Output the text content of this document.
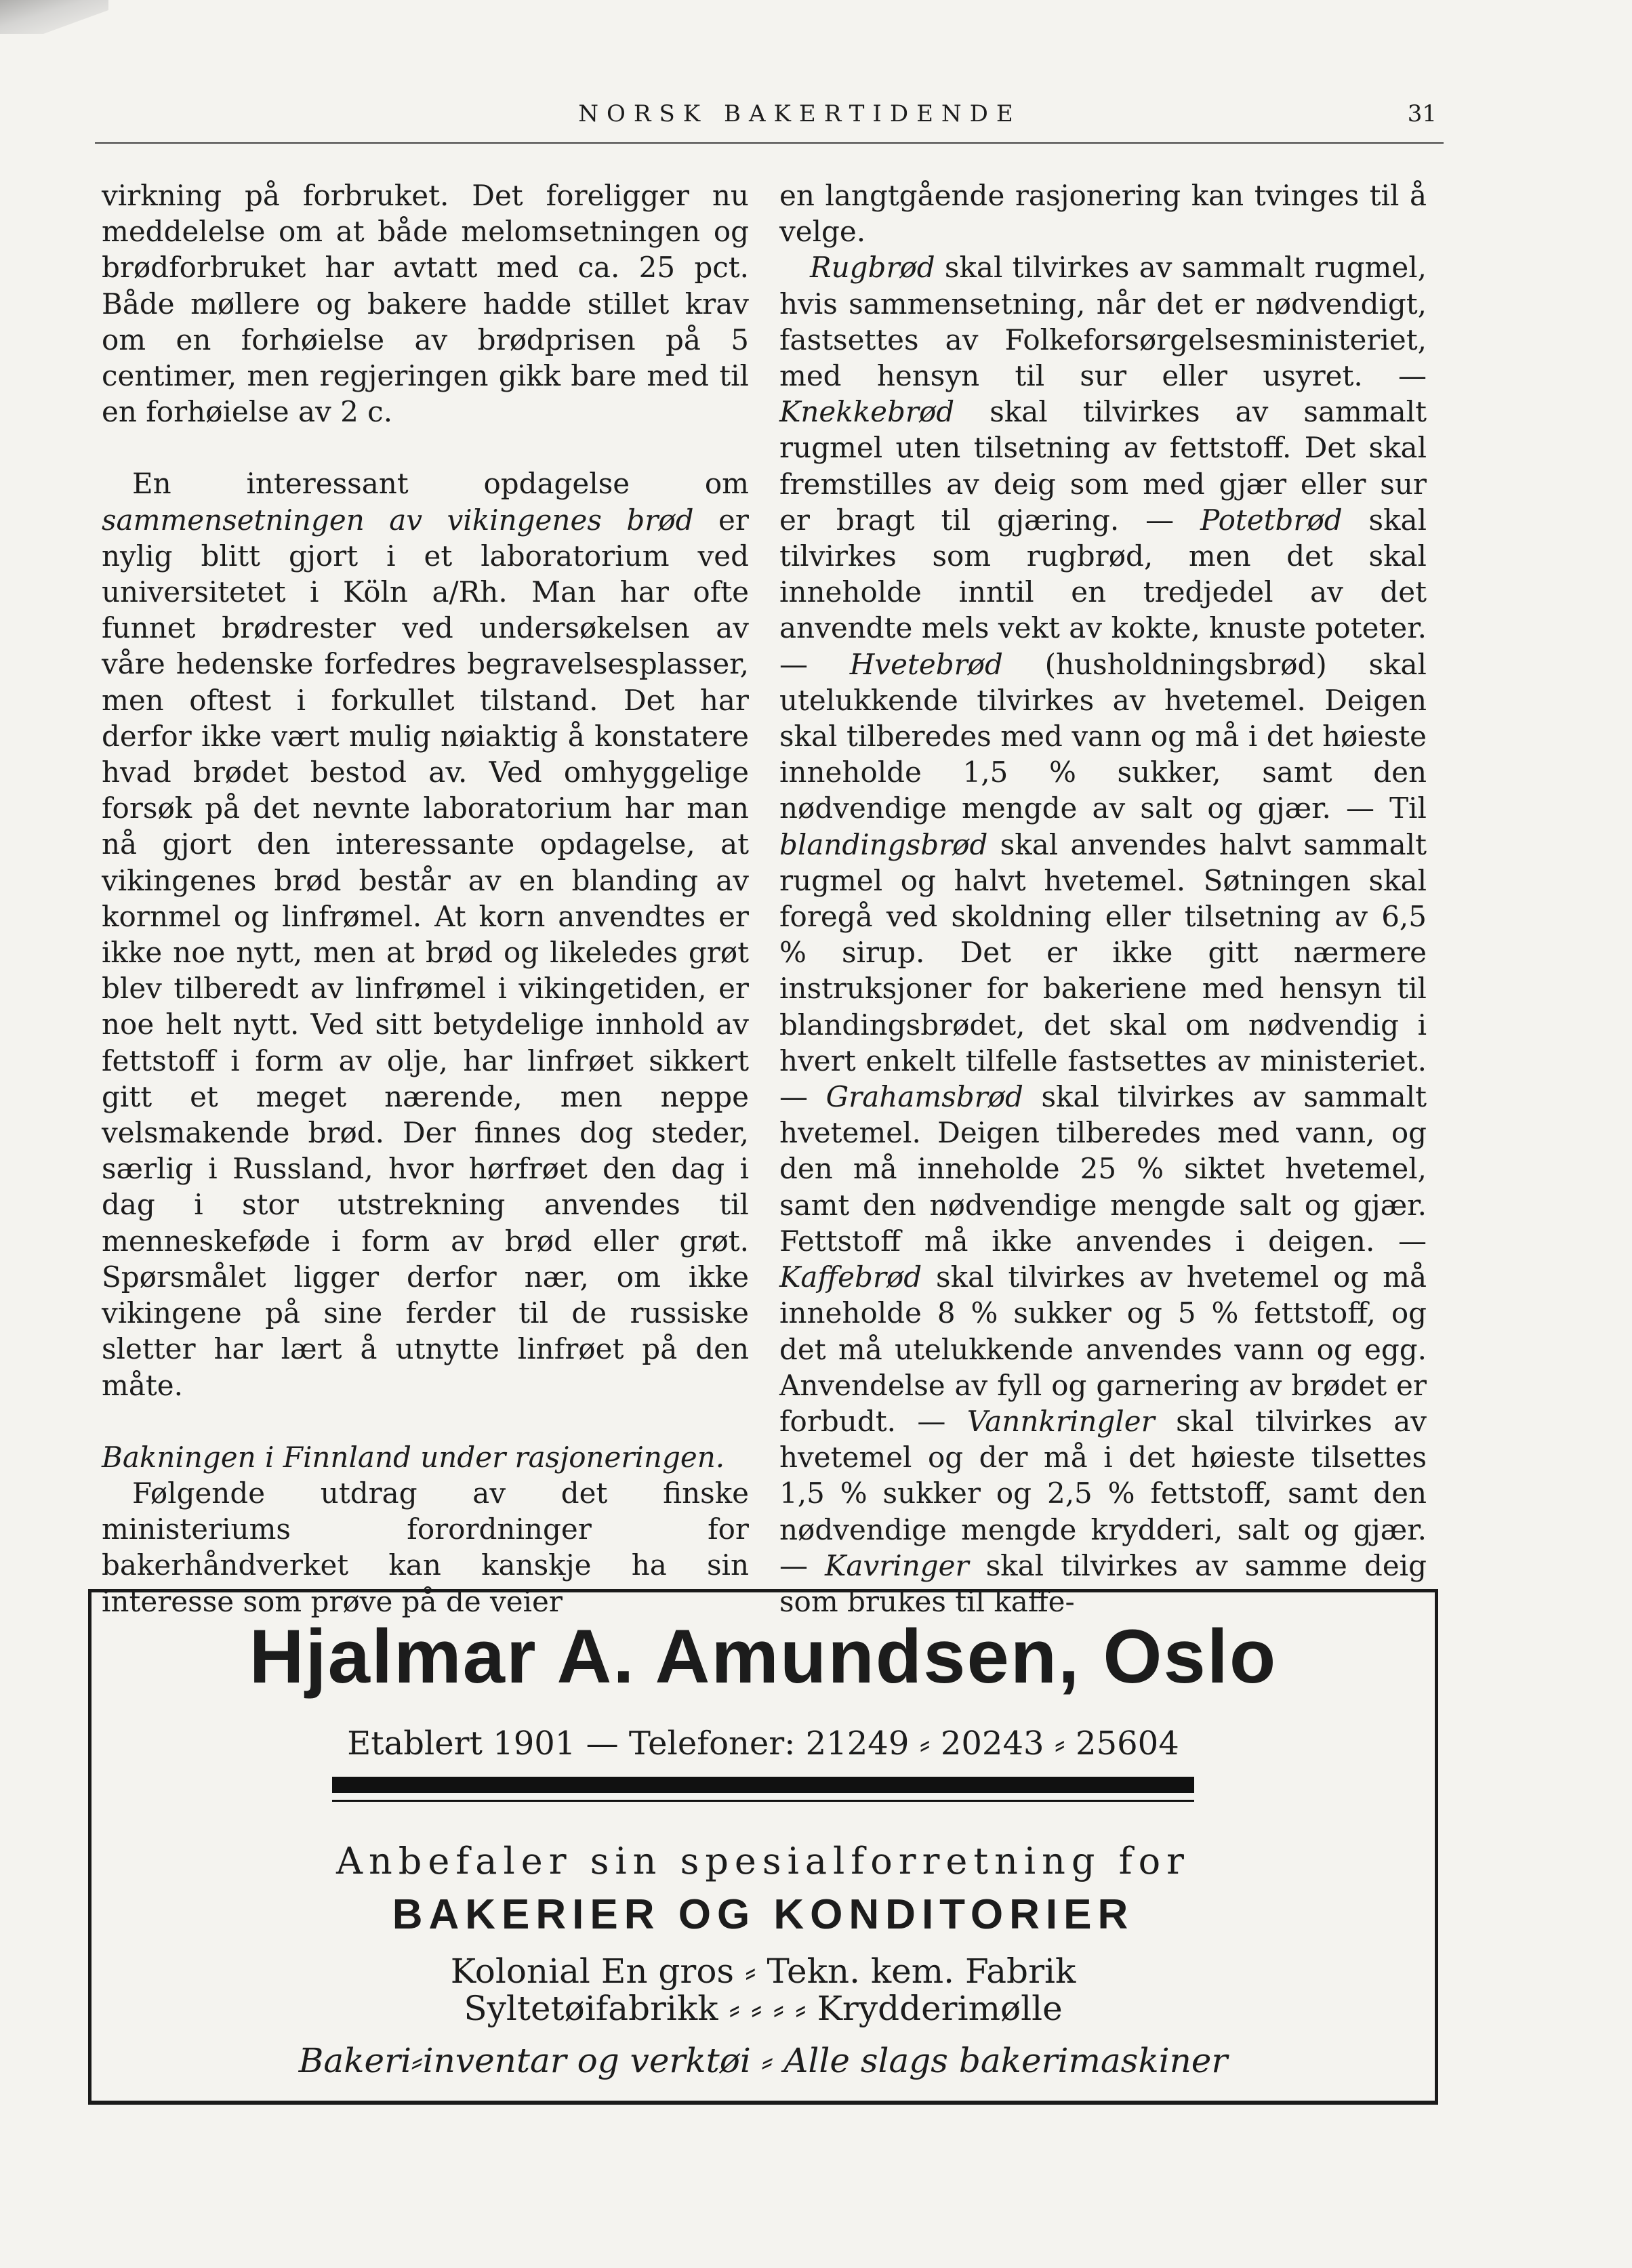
NORSK BAKERTIDENDE	31

virkning på forbruket. Det foreligger nu meddelelse om at både melomsetningen og brødforbruket har avtatt med ca. 25 pct. Både møllere og bakere hadde stillet krav om en forhøielse av brødprisen på 5 centimer, men regjeringen gikk bare med til en forhøielse av 2 c.

En interessant opdagelse om sammensetningen av vikingenes brød er nylig blitt gjort i et laboratorium ved universitetet i Köln a/Rh. Man har ofte funnet brødrester ved undersøkelsen av våre hedenske forfedres begravelsesplasser, men oftest i forkullet tilstand. Det har derfor ikke vært mulig nøiaktig å konstatere hvad brødet bestod av. Ved omhyggelige forsøk på det nevnte laboratorium har man nå gjort den interessante opdagelse, at vikingenes brød består av en blanding av kornmel og linfrømel. At korn anvendtes er ikke noe nytt, men at brød og likeledes grøt blev tilberedt av linfrømel i vikingetiden, er noe helt nytt. Ved sitt betydelige innhold av fettstoff i form av olje, har linfrøet sikkert gitt et meget nærende, men neppe velsmakende brød. Der finnes dog steder, særlig i Russland, hvor hørfrøet den dag i dag i stor utstrekning anvendes til menneskeføde i form av brød eller grøt. Spørsmålet ligger derfor nær, om ikke vikingene på sine ferder til de russiske sletter har lært å utnytte linfrøet på den måte.

Bakningen i Finnland under rasjoneringen.

Følgende utdrag av det finske ministeriums forordninger for bakerhåndverket kan kanskje ha sin interesse som prøve på de veier

en langtgående rasjonering kan tvinges til å velge.

Rugbrød skal tilvirkes av sammalt rugmel, hvis sammensetning, når det er nødvendigt, fastsettes av Folkeforsørgelsesministeriet, med hensyn til sur eller usyret. — Knekkebrød skal tilvirkes av sammalt rugmel uten tilsetning av fettstoff. Det skal fremstilles av deig som med gjær eller sur er bragt til gjæring. — Potetbrød skal tilvirkes som rugbrød, men det skal inneholde inntil en tredjedel av det anvendte mels vekt av kokte, knuste poteter. — Hvetebrød (husholdningsbrød) skal utelukkende tilvirkes av hvetemel. Deigen skal tilberedes med vann og må i det høieste inneholde 1,5 % sukker, samt den nødvendige mengde av salt og gjær. — Til blandingsbrød skal anvendes halvt sammalt rugmel og halvt hvetemel. Søtningen skal foregå ved skoldning eller tilsetning av 6,5 % sirup. Det er ikke gitt nærmere instruksjoner for bakeriene med hensyn til blandingsbrødet, det skal om nødvendig i hvert enkelt tilfelle fastsettes av ministeriet. — Grahamsbrød skal tilvirkes av sammalt hvetemel. Deigen tilberedes med vann, og den må inneholde 25 % siktet hvetemel, samt den nødvendige mengde salt og gjær. Fettstoff må ikke anvendes i deigen. — Kaffebrød skal tilvirkes av hvetemel og må inneholde 8 % sukker og 5 % fettstoff, og det må utelukkende anvendes vann og egg. Anvendelse av fyll og garnering av brødet er forbudt. — Vannkringler skal tilvirkes av hvetemel og der må i det høieste tilsettes 1,5 % sukker og 2,5 % fettstoff, samt den nødvendige mengde krydderi, salt og gjær. — Kavringer skal tilvirkes av samme deig som brukes til kaffe-

Hjalmar A. Amundsen, Oslo
Etablert 1901 — Telefoner: 21249 ⸗ 20243 ⸗ 25604
Anbefaler sin spesialforretning for
BAKERIER OG KONDITORIER
Kolonial En gros ⸗ Tekn. kem. Fabrik
Syltetøifabrikk ⸗ ⸗ ⸗ ⸗ Krydderimølle
Bakeri⸗inventar og verktøi ⸗ Alle slags bakerimaskiner
